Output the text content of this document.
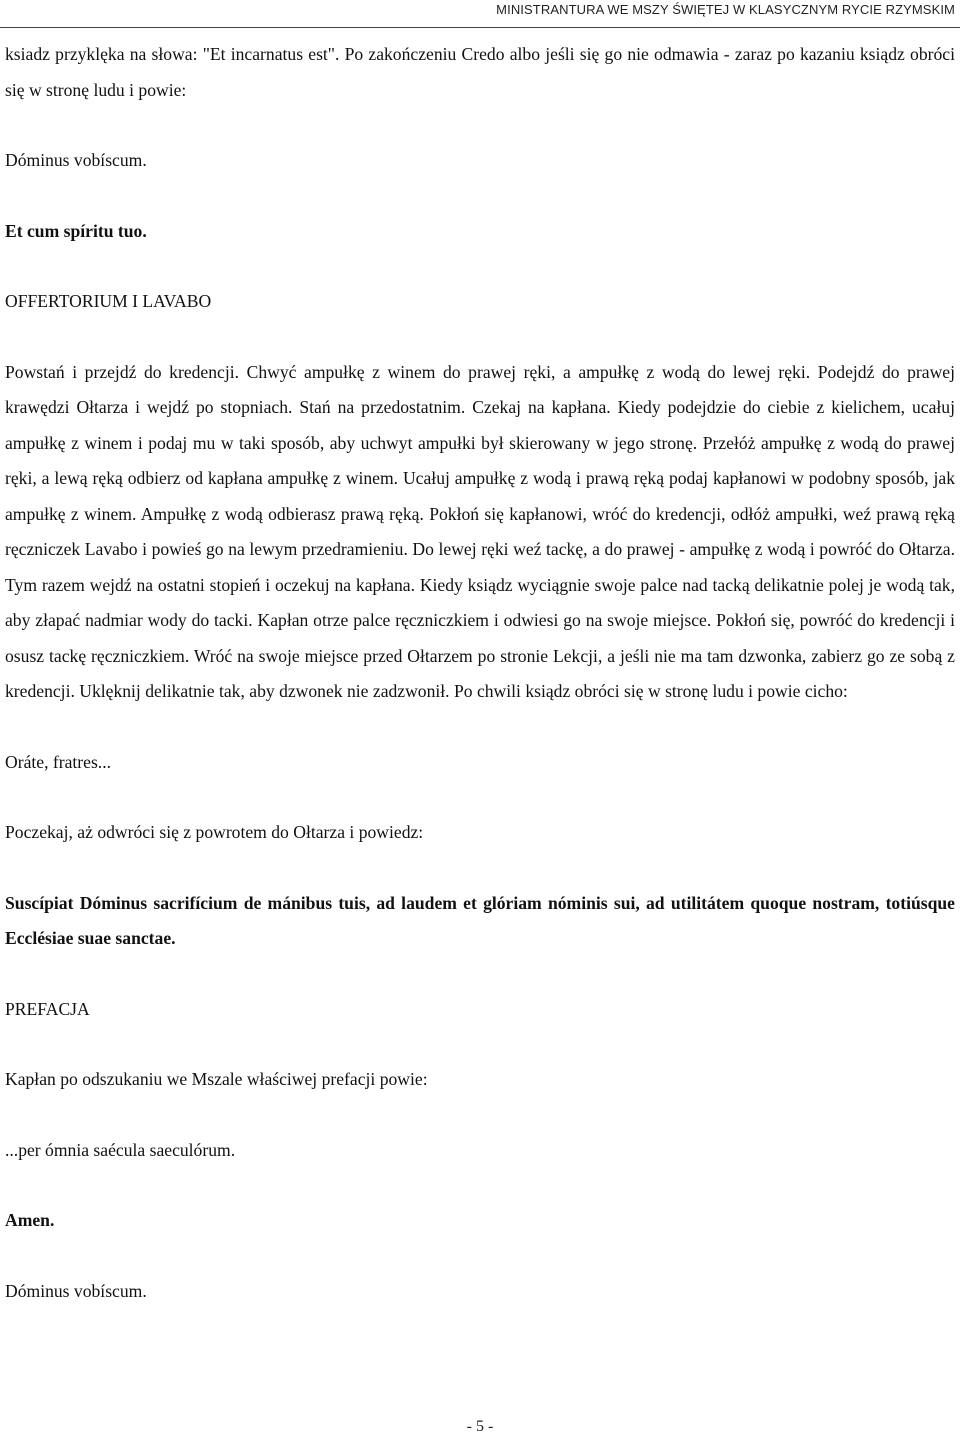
MINISTRANTURA WE MSZY ŚWIĘTEJ W KLASYCZNYM RYCIE RZYMSKIM

ksiadz przyklęka na słowa: "Et incarnatus est". Po zakończeniu Credo albo jeśli się go nie odmawia - zaraz po kazaniu ksiądz obróci się w stronę ludu i powie:

Dóminus vobíscum.

Et cum spíritu tuo.

OFFERTORIUM I LAVABO

Powstań i przejdź do kredencji. Chwyć ampułkę z winem do prawej ręki, a ampułkę z wodą do lewej ręki. Podejdź do prawej krawędzi Ołtarza i wejdź po stopniach. Stań na przedostatnim. Czekaj na kapłana. Kiedy podejdzie do ciebie z kielichem, ucałuj ampułkę z winem i podaj mu w taki sposób, aby uchwyt ampułki był skierowany w jego stronę. Przełóż ampułkę z wodą do prawej ręki, a lewą ręką odbierz od kapłana ampułkę z winem. Ucałuj ampułkę z wodą i prawą ręką podaj kapłanowi w podobny sposób, jak ampułkę z winem. Ampułkę z wodą odbierasz prawą ręką. Pokłoń się kapłanowi, wróć do kredencji, odłóż ampułki, weź prawą ręką ręczniczek Lavabo i powieś go na lewym przedramieniu. Do lewej ręki weź tackę, a do prawej - ampułkę z wodą i powróć do Ołtarza. Tym razem wejdź na ostatni stopień i oczekuj na kapłana. Kiedy ksiądz wyciągnie swoje palce nad tacką delikatnie polej je wodą tak, aby złapać nadmiar wody do tacki. Kapłan otrze palce ręczniczkiem i odwiesi go na swoje miejsce. Pokłoń się, powróć do kredencji i osusz tackę ręczniczkiem. Wróć na swoje miejsce przed Ołtarzem po stronie Lekcji, a jeśli nie ma tam dzwonka, zabierz go ze sobą z kredencji. Uklęknij delikatnie tak, aby dzwonek nie zadzwonił. Po chwili ksiądz obróci się w stronę ludu i powie cicho:

Oráte, fratres...

Poczekaj, aż odwróci się z powrotem do Ołtarza i powiedz:

Suscípiat Dóminus sacrifícium de mánibus tuis, ad laudem et glóriam nóminis sui, ad utilitátem quoque nostram, totiúsque Ecclésiae suae sanctae.

PREFACJA

Kapłan po odszukaniu we Mszale właściwej prefacji powie:

...per ómnia saécula saeculórum.

Amen.

Dóminus vobíscum.

- 5 -
